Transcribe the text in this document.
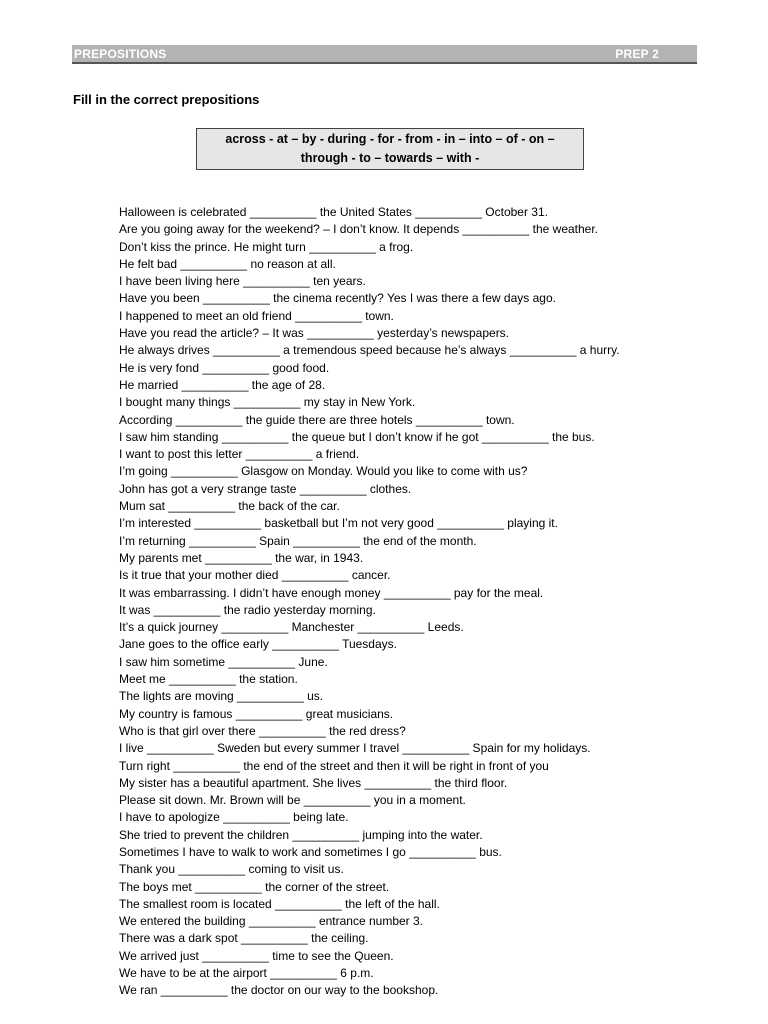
PREPOSITIONS	PREP 2
Fill in the correct prepositions
across - at – by - during - for - from - in – into – of - on –
through - to – towards – with -
Halloween is celebrated __________ the United States __________ October 31.
Are you going away for the weekend? – I don’t know. It depends __________ the weather.
Don’t kiss the prince. He might turn __________ a frog.
He felt bad __________ no reason at all.
I have been living here __________ ten years.
Have you been __________ the cinema recently? Yes I was there a few days ago.
I happened to meet an old friend __________ town.
Have you read the article? – It was __________ yesterday’s newspapers.
He always drives __________ a tremendous speed because he’s always __________ a hurry.
He is very fond __________ good food.
He married __________ the age of 28.
I bought many things __________ my stay in New York.
According __________ the guide there are three hotels __________ town.
I saw him standing __________ the queue but I don’t know if he got __________ the bus.
I want to post this letter __________ a friend.
I’m going __________ Glasgow on Monday. Would you like to come with us?
John has got a very strange taste __________ clothes.
Mum sat __________ the back of the car.
I’m interested __________ basketball but I’m not very good __________ playing it.
I’m returning __________ Spain __________ the end of the month.
My parents met __________ the war, in 1943.
Is it true that your mother died __________ cancer.
It was embarrassing. I didn’t have enough money __________ pay for the meal.
It was __________ the radio yesterday morning.
It’s a quick journey __________ Manchester __________ Leeds.
Jane goes to the office early __________ Tuesdays.
I saw him sometime __________ June.
Meet me __________ the station.
The lights are moving __________ us.
My country is famous __________ great musicians.
Who is that girl over there __________ the red dress?
I live __________ Sweden but every summer I travel __________ Spain for my holidays.
Turn right __________ the end of the street and then it will be right in front of you
My sister has a beautiful apartment. She lives __________ the third floor.
Please sit down. Mr. Brown will be __________ you in a moment.
I have to apologize __________ being late.
She tried to prevent the children __________ jumping into the water.
Sometimes I have to walk to work and sometimes I go __________ bus.
Thank you __________ coming to visit us.
The boys met __________ the corner of the street.
The smallest room is located __________ the left of the hall.
We entered the building __________ entrance number 3.
There was a dark spot __________ the ceiling.
We arrived just __________ time to see the Queen.
We have to be at the airport __________ 6 p.m.
We ran __________ the doctor on our way to the bookshop.
